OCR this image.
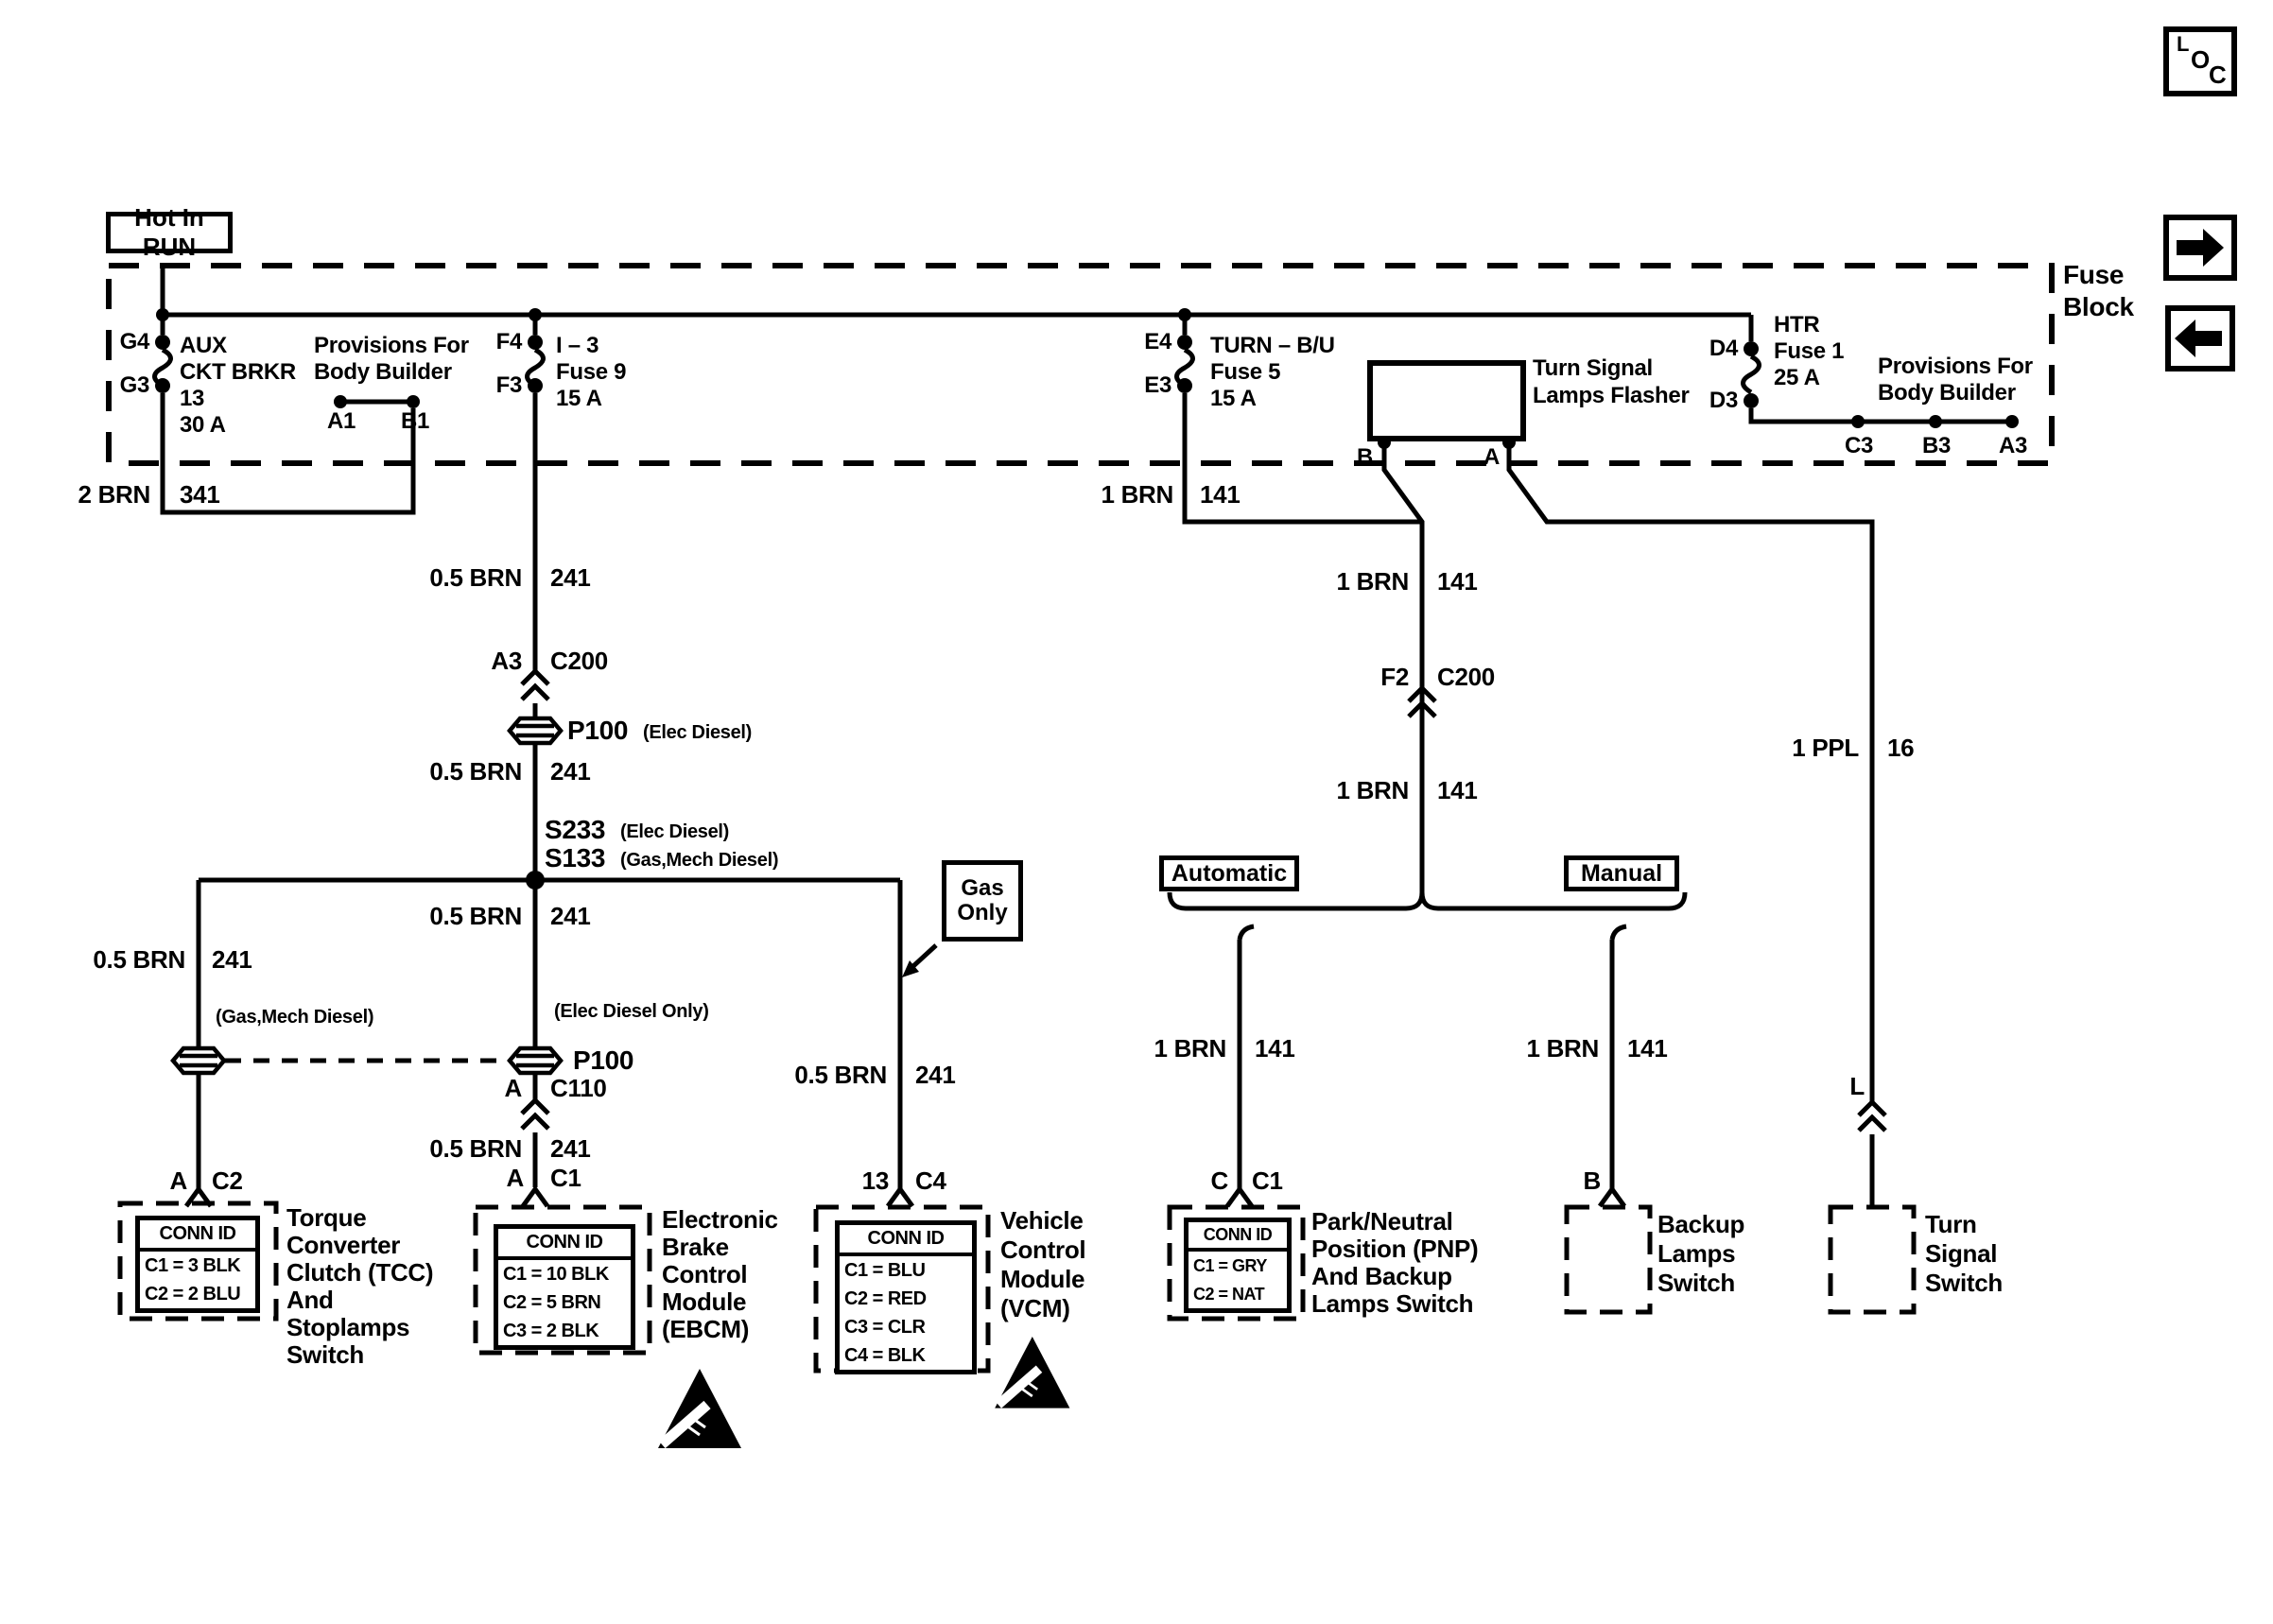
Hot In RUN
Gas
Only
Automatic	Manual
Fuse
Block
G4
G3
AUX
CKT BRKR
13
30 A
Provisions For
Body Builder
A1 B1
F4
F3
I – 3
Fuse 9
15 A
E4
E3
TURN – B/U
Fuse 5
15 A
Turn Signal
Lamps Flasher
B	A
D4
D3
HTR
Fuse 1
25 A	Provisions For
Body Builder
C3 B3 A3
2 BRN 341	1 BRN 141
0.5 BRN 241
A3 C200
P100 (Elec Diesel)
0.5 BRN 241
S233 (Elec Diesel)
S133 (Gas,Mech Diesel)
0.5 BRN 241
0.5 BRN 241
(Gas,Mech Diesel)	(Elec Diesel Only)
P100
A C110
0.5 BRN 241
A C1
A C2
0.5 BRN 241
13 C4
1 BRN 141
F2 C200
1 BRN 141
1 BRN 141
C C1
1 BRN 141
B
1 PPL 16
L
CONN ID
C1 = 3 BLK
C2 = 2 BLU
CONN ID
C1 = 10 BLK
C2 = 5 BRN
C3 = 2 BLK
CONN ID
C1 = BLU
C2 = RED
C3 = CLR
C4 = BLK
CONN ID
C1 = GRY
C2 = NAT
Torque
Converter
Clutch (TCC)
And
Stoplamps
Switch
Electronic
Brake
Control
Module
(EBCM)
Vehicle
Control
Module
(VCM)
Park/Neutral
Position (PNP)
And Backup
Lamps Switch
Backup
Lamps
Switch
Turn
Signal
Switch
L
O
C
